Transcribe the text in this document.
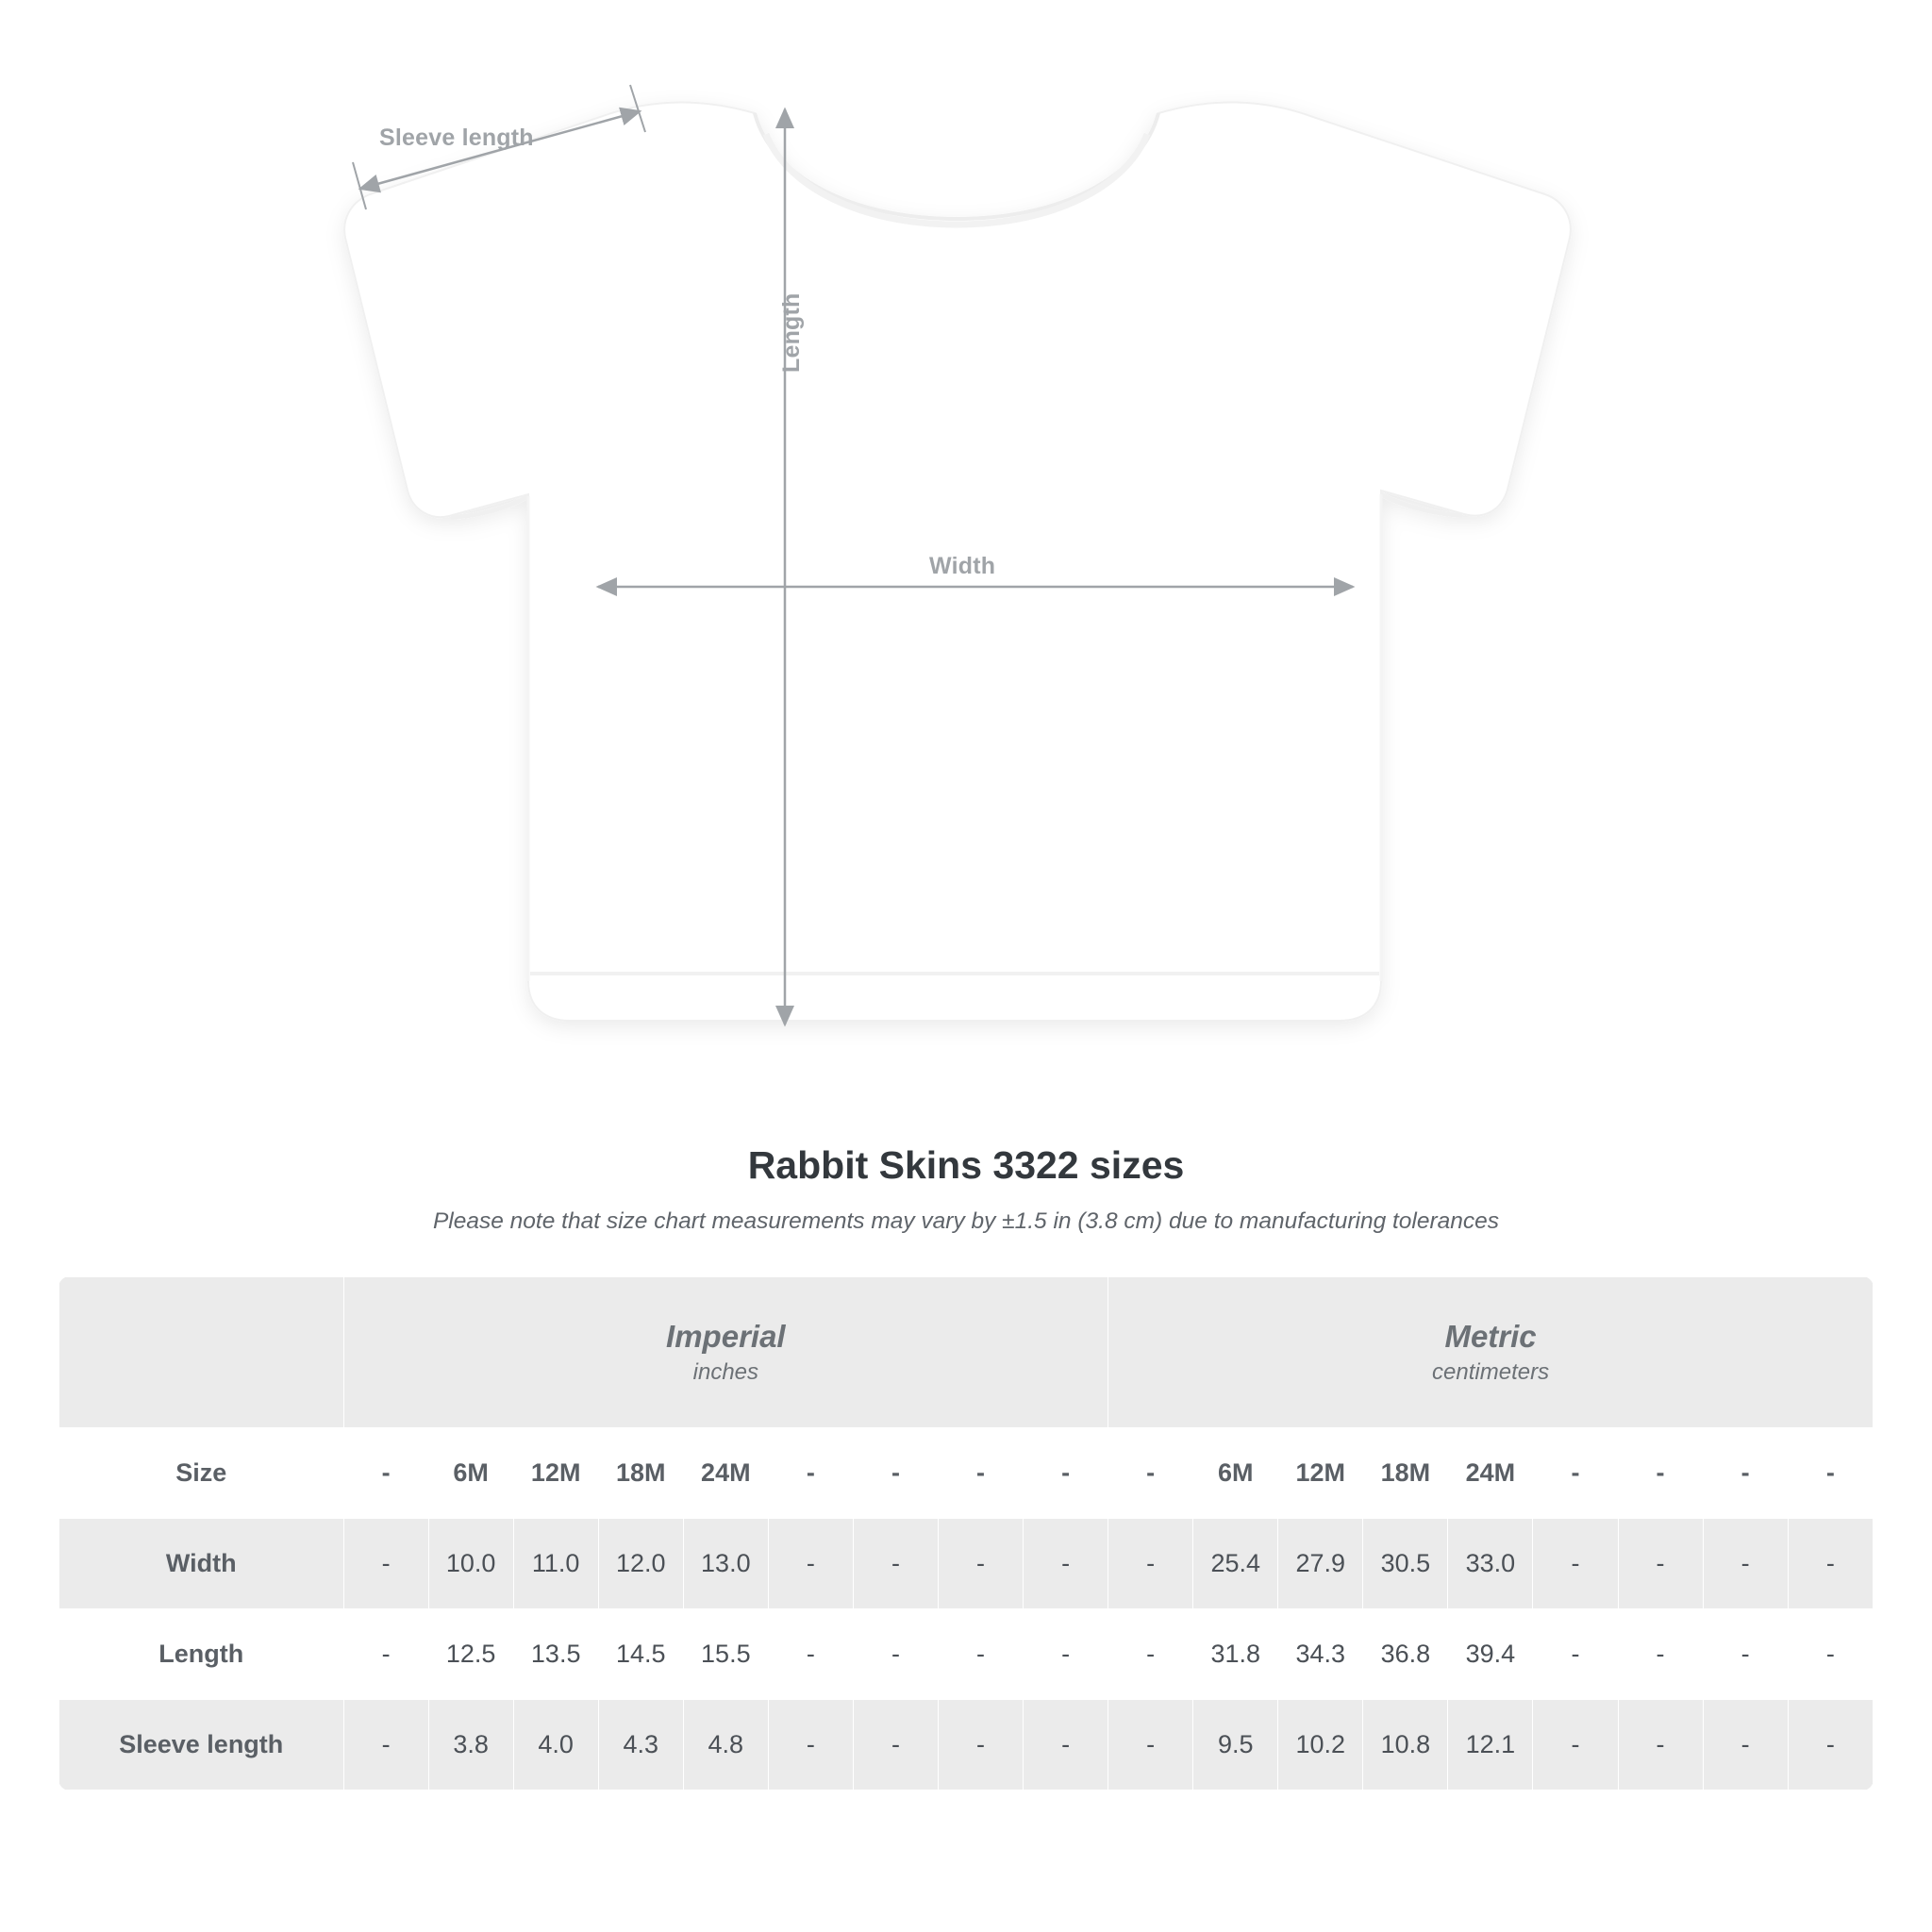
Sleeve length
Length
Width
Rabbit Skins 3322 sizes

Please note that size chart measurements may vary by ±1.5 in (3.8 cm) due to manufacturing tolerances

Imperial
inches

Metric
centimeters

Size	-	6M	12M	18M	24M	-	-	-	-	-	6M	12M	18M	24M	-	-	-	-
Width	-	10.0	11.0	12.0	13.0	-	-	-	-	-	25.4	27.9	30.5	33.0	-	-	-	-
Length	-	12.5	13.5	14.5	15.5	-	-	-	-	-	31.8	34.3	36.8	39.4	-	-	-	-
Sleeve length	-	3.8	4.0	4.3	4.8	-	-	-	-	-	9.5	10.2	10.8	12.1	-	-	-	-
